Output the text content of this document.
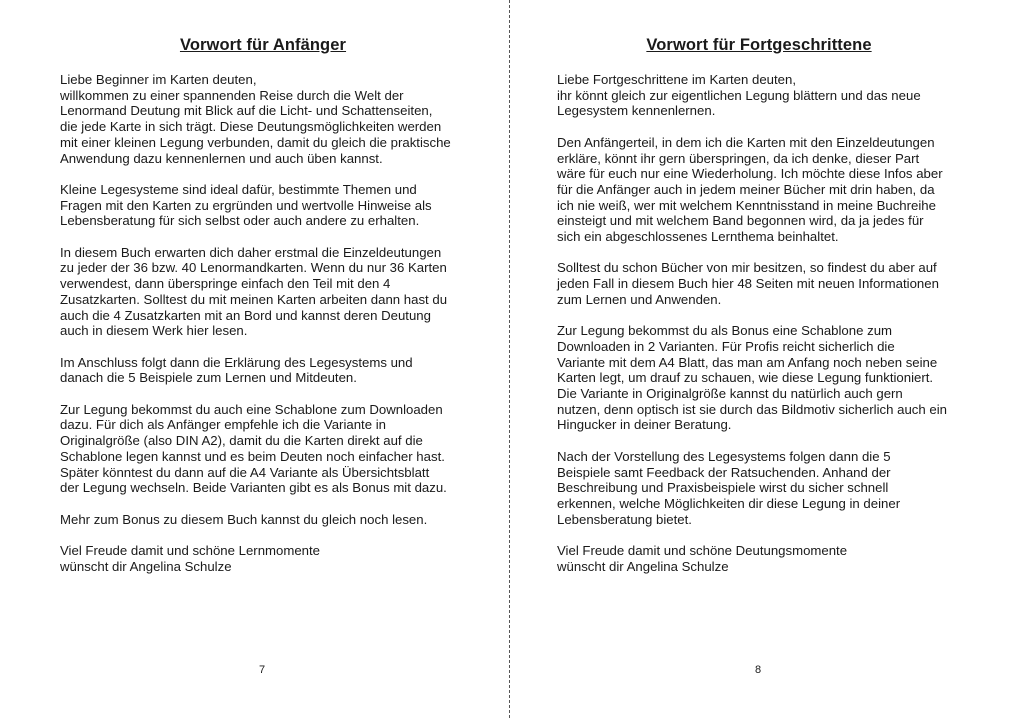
Vorwort für Anfänger

Liebe Beginner im Karten deuten,
willkommen zu einer spannenden Reise durch die Welt der
Lenormand Deutung mit Blick auf die Licht- und Schattenseiten,
die jede Karte in sich trägt. Diese Deutungsmöglichkeiten werden
mit einer kleinen Legung verbunden, damit du gleich die praktische
Anwendung dazu kennenlernen und auch üben kannst.

Kleine Legesysteme sind ideal dafür, bestimmte Themen und
Fragen mit den Karten zu ergründen und wertvolle Hinweise als
Lebensberatung für sich selbst oder auch andere zu erhalten.

In diesem Buch erwarten dich daher erstmal die Einzeldeutungen
zu jeder der 36 bzw. 40 Lenormandkarten. Wenn du nur 36 Karten
verwendest, dann überspringe einfach den Teil mit den 4
Zusatzkarten. Solltest du mit meinen Karten arbeiten dann hast du
auch die 4 Zusatzkarten mit an Bord und kannst deren Deutung
auch in diesem Werk hier lesen.

Im Anschluss folgt dann die Erklärung des Legesystems und
danach die 5 Beispiele zum Lernen und Mitdeuten.

Zur Legung bekommst du auch eine Schablone zum Downloaden
dazu. Für dich als Anfänger empfehle ich die Variante in
Originalgröße (also DIN A2), damit du die Karten direkt auf die
Schablone legen kannst und es beim Deuten noch einfacher hast.
Später könntest du dann auf die A4 Variante als Übersichtsblatt
der Legung wechseln. Beide Varianten gibt es als Bonus mit dazu.

Mehr zum Bonus zu diesem Buch kannst du gleich noch lesen.

Viel Freude damit und schöne Lernmomente
wünscht dir Angelina Schulze

7
Vorwort für Fortgeschrittene

Liebe Fortgeschrittene im Karten deuten,
ihr könnt gleich zur eigentlichen Legung blättern und das neue
Legesystem kennenlernen.

Den Anfängerteil, in dem ich die Karten mit den Einzeldeutungen
erkläre, könnt ihr gern überspringen, da ich denke, dieser Part
wäre für euch nur eine Wiederholung. Ich möchte diese Infos aber
für die Anfänger auch in jedem meiner Bücher mit drin haben, da
ich nie weiß, wer mit welchem Kenntnisstand in meine Buchreihe
einsteigt und mit welchem Band begonnen wird, da ja jedes für
sich ein abgeschlossenes Lernthema beinhaltet.

Solltest du schon Bücher von mir besitzen, so findest du aber auf
jeden Fall in diesem Buch hier 48 Seiten mit neuen Informationen
zum Lernen und Anwenden.

Zur Legung bekommst du als Bonus eine Schablone zum
Downloaden in 2 Varianten. Für Profis reicht sicherlich die
Variante mit dem A4 Blatt, das man am Anfang noch neben seine
Karten legt, um drauf zu schauen, wie diese Legung funktioniert.
Die Variante in Originalgröße kannst du natürlich auch gern
nutzen, denn optisch ist sie durch das Bildmotiv sicherlich auch ein
Hingucker in deiner Beratung.

Nach der Vorstellung des Legesystems folgen dann die 5
Beispiele samt Feedback der Ratsuchenden. Anhand der
Beschreibung und Praxisbeispiele wirst du sicher schnell
erkennen, welche Möglichkeiten dir diese Legung in deiner
Lebensberatung bietet.

Viel Freude damit und schöne Deutungsmomente
wünscht dir Angelina Schulze

8
